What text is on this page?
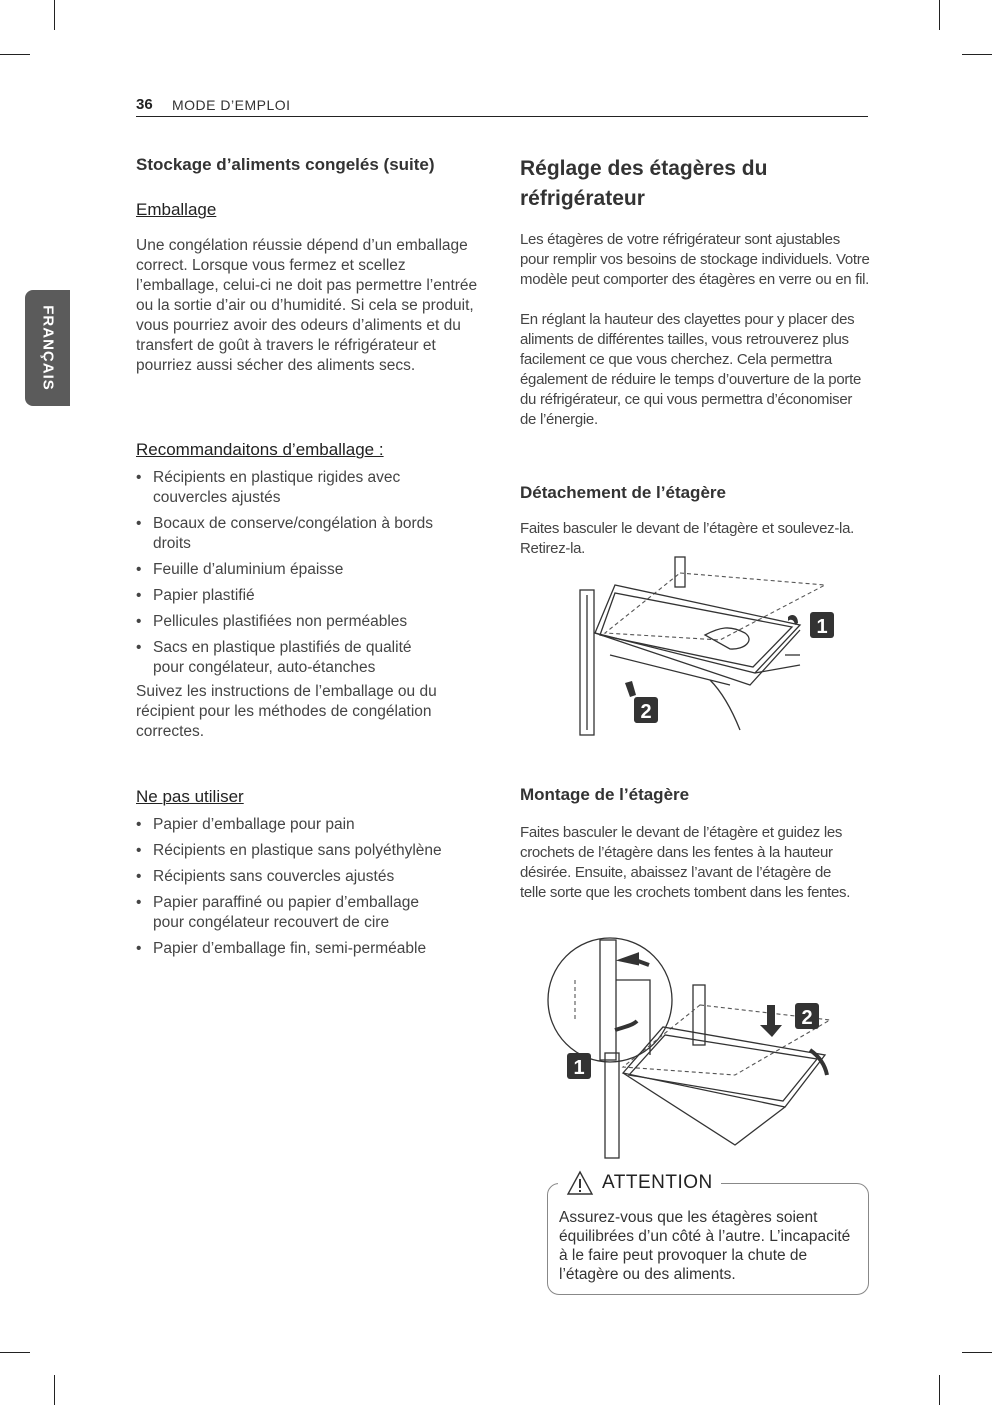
36 MODE D’EMPLOI
FRANÇAIS
Stockage d’aliments congelés (suite)
Emballage

Une congélation réussie dépend d’un emballage correct. Lorsque vous fermez et scellez l’emballage, celui-ci ne doit pas permettre l’entrée ou la sortie d’air ou d’humidité. Si cela se produit, vous pourriez avoir des odeurs d’aliments et du transfert de goût à travers le réfrigérateur et pourriez aussi sécher des aliments secs.

Recommandaitons d’emballage :
• Récipients en plastique rigides avec couvercles ajustés
• Bocaux de conserve/congélation à bords droits
• Feuille d’aluminium épaisse
• Papier plastifié
• Pellicules plastifiées non perméables
• Sacs en plastique plastifiés de qualité pour congélateur, auto-étanches

Suivez les instructions de l’emballage ou du récipient pour les méthodes de congélation correctes.

Ne pas utiliser
• Papier d’emballage pour pain
• Récipients en plastique sans polyéthylène
• Récipients sans couvercles ajustés
• Papier paraffiné ou papier d’emballage pour congélateur recouvert de cire
• Papier d’emballage fin, semi-perméable
Réglage des étagères du réfrigérateur

Les étagères de votre réfrigérateur sont ajustables pour remplir vos besoins de stockage individuels. Votre modèle peut comporter des étagères en verre ou en fil.

En réglant la hauteur des clayettes pour y placer des aliments de différentes tailles, vous retrouverez plus facilement ce que vous cherchez. Cela permettra également de réduire le temps d’ouverture de la porte du réfrigérateur, ce qui vous permettra d’économiser de l’énergie.

Détachement de l’étagère

Faites basculer le devant de l’étagère et soulevez-la. Retirez-la.

1
2
Montage de l’étagère

Faites basculer le devant de l’étagère et guidez les crochets de l’étagère dans les fentes à la hauteur désirée. Ensuite, abaissez l’avant de l’étagère de telle sorte que les crochets tombent dans les fentes.

2
1
ATTENTION

Assurez-vous que les étagères soient équilibrées d’un côté à l’autre. L’incapacité à le faire peut provoquer la chute de l’étagère ou des aliments.
